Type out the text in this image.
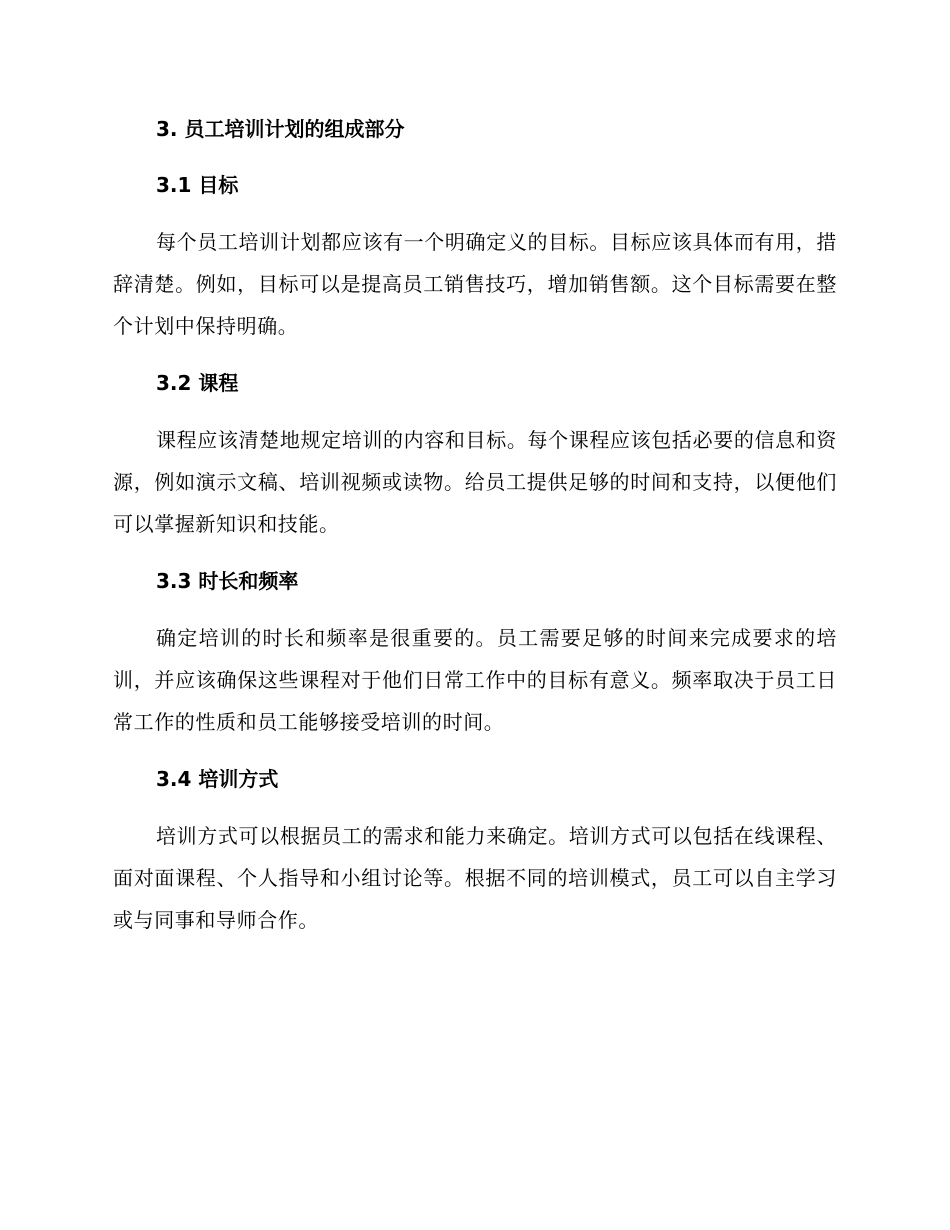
3. 员工培训计划的组成部分
3.1 目标

每个员工培训计划都应该有一个明确定义的目标。目标应该具体而有用，措辞清楚。例如，目标可以是提高员工销售技巧，增加销售额。这个目标需要在整个计划中保持明确。

3.2 课程

课程应该清楚地规定培训的内容和目标。每个课程应该包括必要的信息和资源，例如演示文稿、培训视频或读物。给员工提供足够的时间和支持，以便他们可以掌握新知识和技能。

3.3 时长和频率

确定培训的时长和频率是很重要的。员工需要足够的时间来完成要求的培训，并应该确保这些课程对于他们日常工作中的目标有意义。频率取决于员工日常工作的性质和员工能够接受培训的时间。

3.4 培训方式

培训方式可以根据员工的需求和能力来确定。培训方式可以包括在线课程、面对面课程、个人指导和小组讨论等。根据不同的培训模式，员工可以自主学习或与同事和导师合作。
